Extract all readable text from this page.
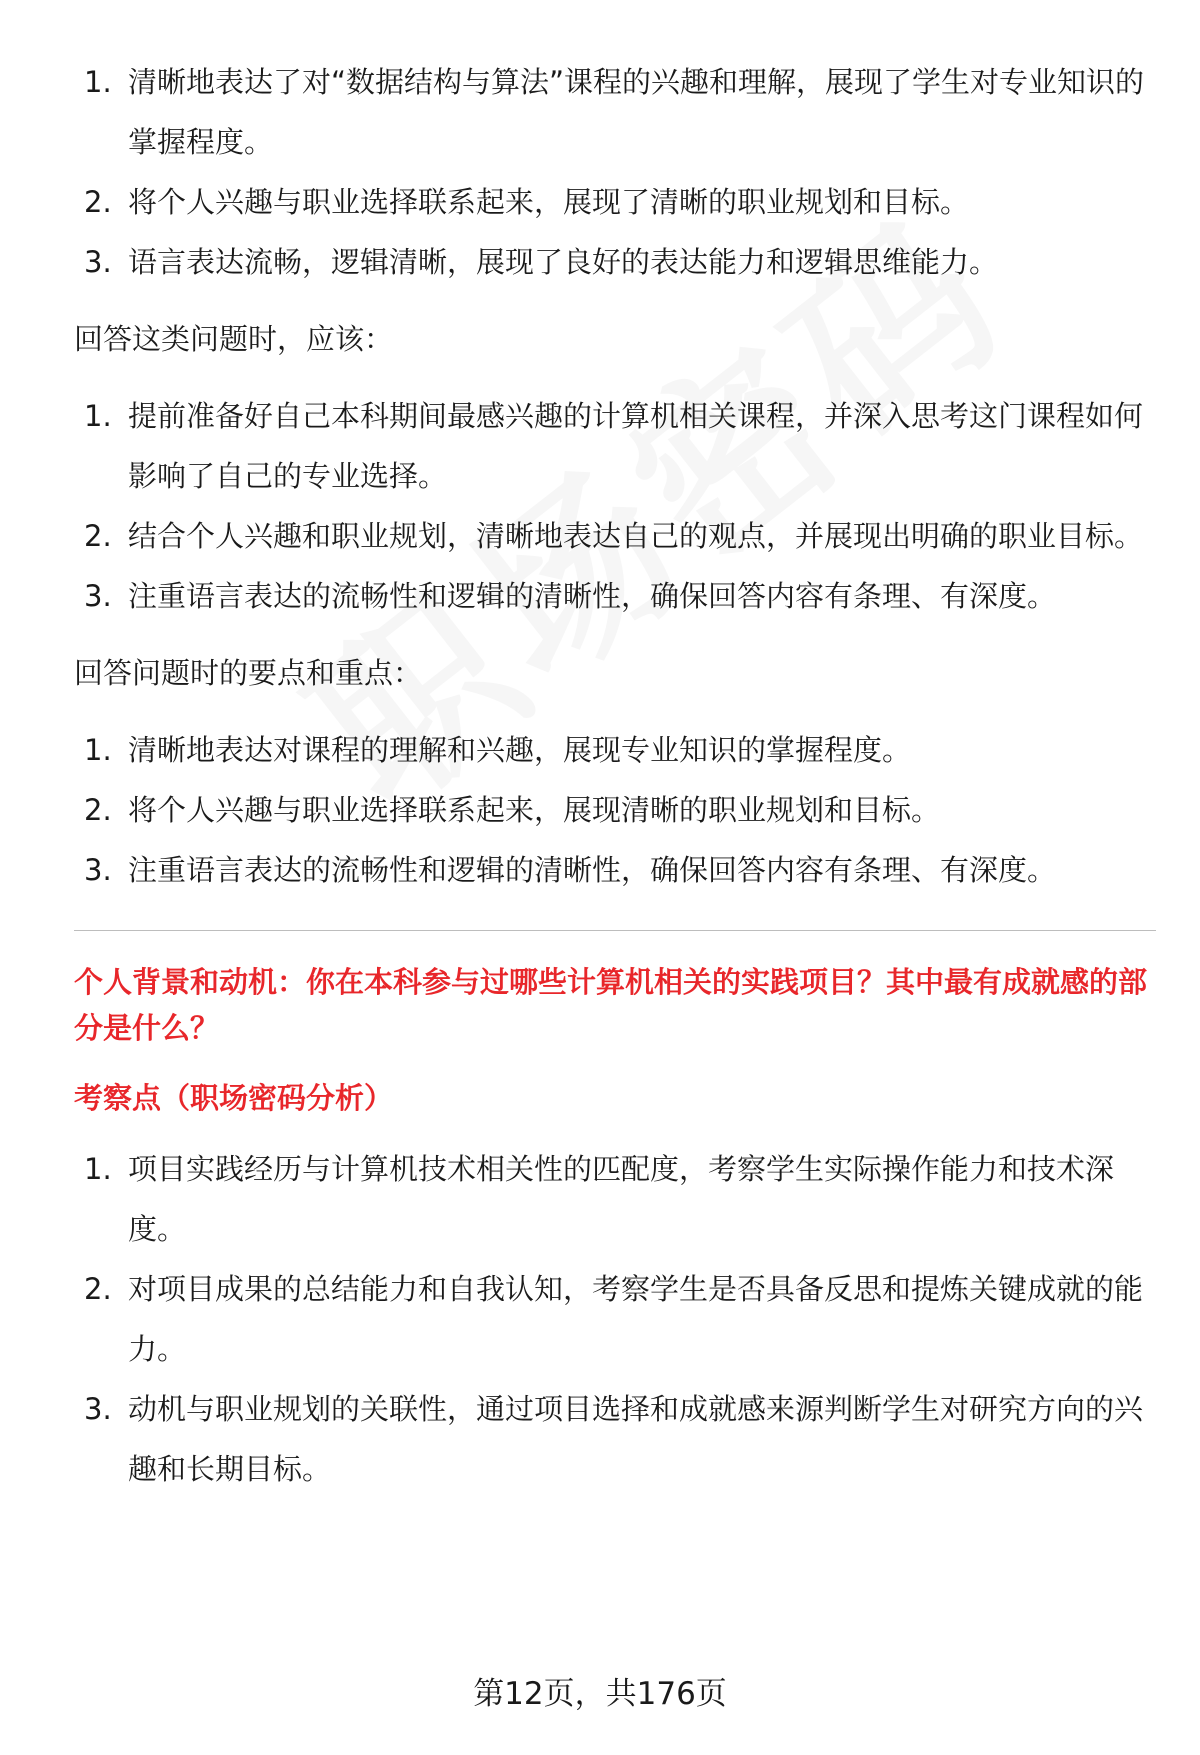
1. 清晰地表达了对“数据结构与算法”课程的兴趣和理解，展现了学生对专业知识的掌握程度。
2. 将个人兴趣与职业选择联系起来，展现了清晰的职业规划和目标。
3. 语言表达流畅，逻辑清晰，展现了良好的表达能力和逻辑思维能力。

回答这类问题时，应该：

1. 提前准备好自己本科期间最感兴趣的计算机相关课程，并深入思考这门课程如何影响了自己的专业选择。
2. 结合个人兴趣和职业规划，清晰地表达自己的观点，并展现出明确的职业目标。
3. 注重语言表达的流畅性和逻辑的清晰性，确保回答内容有条理、有深度。

回答问题时的要点和重点：

1. 清晰地表达对课程的理解和兴趣，展现专业知识的掌握程度。
2. 将个人兴趣与职业选择联系起来，展现清晰的职业规划和目标。
3. 注重语言表达的流畅性和逻辑的清晰性，确保回答内容有条理、有深度。
个人背景和动机：你在本科参与过哪些计算机相关的实践项目？其中最有成就感的部分是什么？
考察点（职场密码分析）
1. 项目实践经历与计算机技术相关性的匹配度，考察学生实际操作能力和技术深度。
2. 对项目成果的总结能力和自我认知，考察学生是否具备反思和提炼关键成就的能力。
3. 动机与职业规划的关联性，通过项目选择和成就感来源判断学生对研究方向的兴趣和长期目标。
第12页，共176页
